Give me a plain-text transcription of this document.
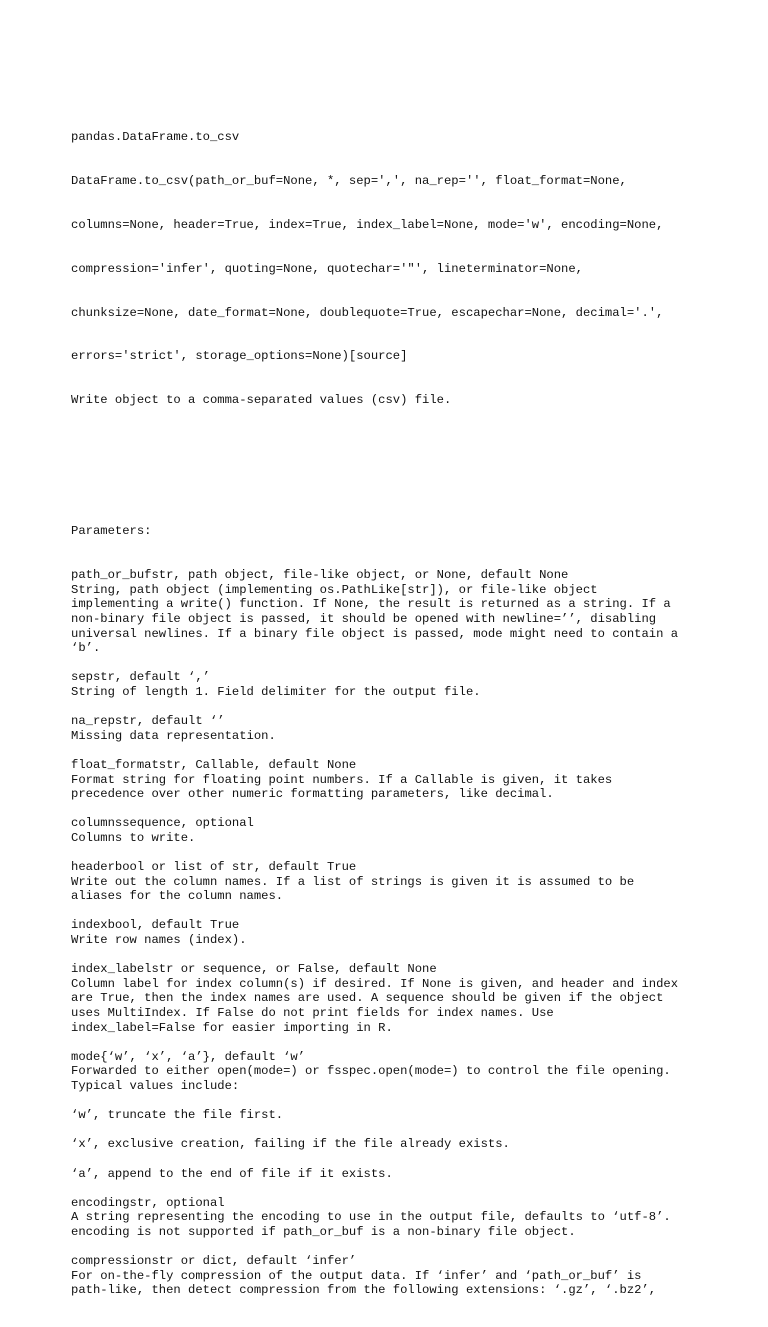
pandas.DataFrame.to_csv

DataFrame.to_csv(path_or_buf=None, *, sep=',', na_rep='', float_format=None,

columns=None, header=True, index=True, index_label=None, mode='w', encoding=None,

compression='infer', quoting=None, quotechar='"', lineterminator=None,

chunksize=None, date_format=None, doublequote=True, escapechar=None, decimal='.',

errors='strict', storage_options=None)[source]

Write object to a comma-separated values (csv) file.

Parameters:

path_or_bufstr, path object, file-like object, or None, default None
String, path object (implementing os.PathLike[str]), or file-like object
implementing a write() function. If None, the result is returned as a string. If a
non-binary file object is passed, it should be opened with newline=’’, disabling
universal newlines. If a binary file object is passed, mode might need to contain a
‘b’.
sepstr, default ‘,’
String of length 1. Field delimiter for the output file.
na_repstr, default ‘’
Missing data representation.
float_formatstr, Callable, default None
Format string for floating point numbers. If a Callable is given, it takes
precedence over other numeric formatting parameters, like decimal.
columnssequence, optional
Columns to write.
headerbool or list of str, default True
Write out the column names. If a list of strings is given it is assumed to be
aliases for the column names.
indexbool, default True
Write row names (index).
index_labelstr or sequence, or False, default None
Column label for index column(s) if desired. If None is given, and header and index
are True, then the index names are used. A sequence should be given if the object
uses MultiIndex. If False do not print fields for index names. Use
index_label=False for easier importing in R.
mode{‘w’, ‘x’, ‘a’}, default ‘w’
Forwarded to either open(mode=) or fsspec.open(mode=) to control the file opening.
Typical values include:
‘w’, truncate the file first.
‘x’, exclusive creation, failing if the file already exists.
‘a’, append to the end of file if it exists.
encodingstr, optional
A string representing the encoding to use in the output file, defaults to ‘utf-8’.
encoding is not supported if path_or_buf is a non-binary file object.
compressionstr or dict, default ‘infer’
For on-the-fly compression of the output data. If ‘infer’ and ‘path_or_buf’ is
path-like, then detect compression from the following extensions: ‘.gz’, ‘.bz2’,
